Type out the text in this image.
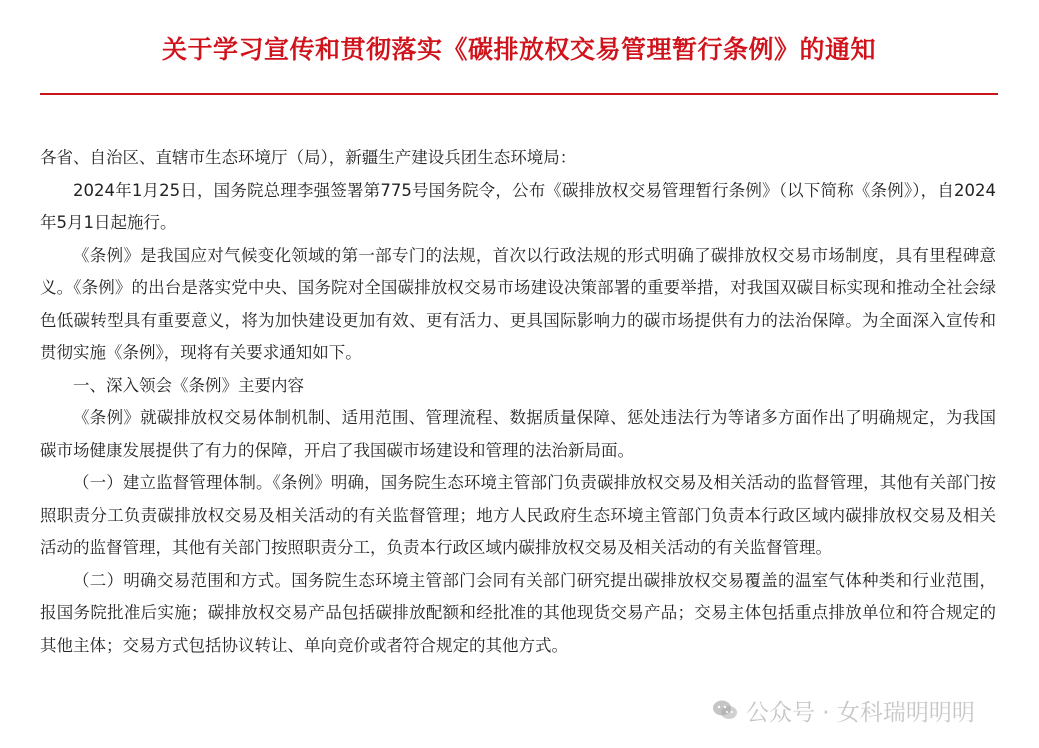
关于学习宣传和贯彻落实《碳排放权交易管理暂行条例》的通知

各省、自治区、直辖市生态环境厅（局），新疆生产建设兵团生态环境局：

2024年1月25日，国务院总理李强签署第775号国务院令，公布《碳排放权交易管理暂行条例》（以下简称《条例》），自2024年5月1日起施行。

《条例》是我国应对气候变化领域的第一部专门的法规，首次以行政法规的形式明确了碳排放权交易市场制度，具有里程碑意义。《条例》的出台是落实党中央、国务院对全国碳排放权交易市场建设决策部署的重要举措，对我国双碳目标实现和推动全社会绿色低碳转型具有重要意义，将为加快建设更加有效、更有活力、更具国际影响力的碳市场提供有力的法治保障。为全面深入宣传和贯彻实施《条例》，现将有关要求通知如下。

一、深入领会《条例》主要内容

《条例》就碳排放权交易体制机制、适用范围、管理流程、数据质量保障、惩处违法行为等诸多方面作出了明确规定，为我国碳市场健康发展提供了有力的保障，开启了我国碳市场建设和管理的法治新局面。

（一）建立监督管理体制。《条例》明确，国务院生态环境主管部门负责碳排放权交易及相关活动的监督管理，其他有关部门按照职责分工负责碳排放权交易及相关活动的有关监督管理；地方人民政府生态环境主管部门负责本行政区域内碳排放权交易及相关活动的监督管理，其他有关部门按照职责分工，负责本行政区域内碳排放权交易及相关活动的有关监督管理。

（二）明确交易范围和方式。国务院生态环境主管部门会同有关部门研究提出碳排放权交易覆盖的温室气体种类和行业范围，报国务院批准后实施；碳排放权交易产品包括碳排放配额和经批准的其他现货交易产品；交易主体包括重点排放单位和符合规定的其他主体；交易方式包括协议转让、单向竞价或者符合规定的其他方式。

公众号 · 女科瑞明明明
